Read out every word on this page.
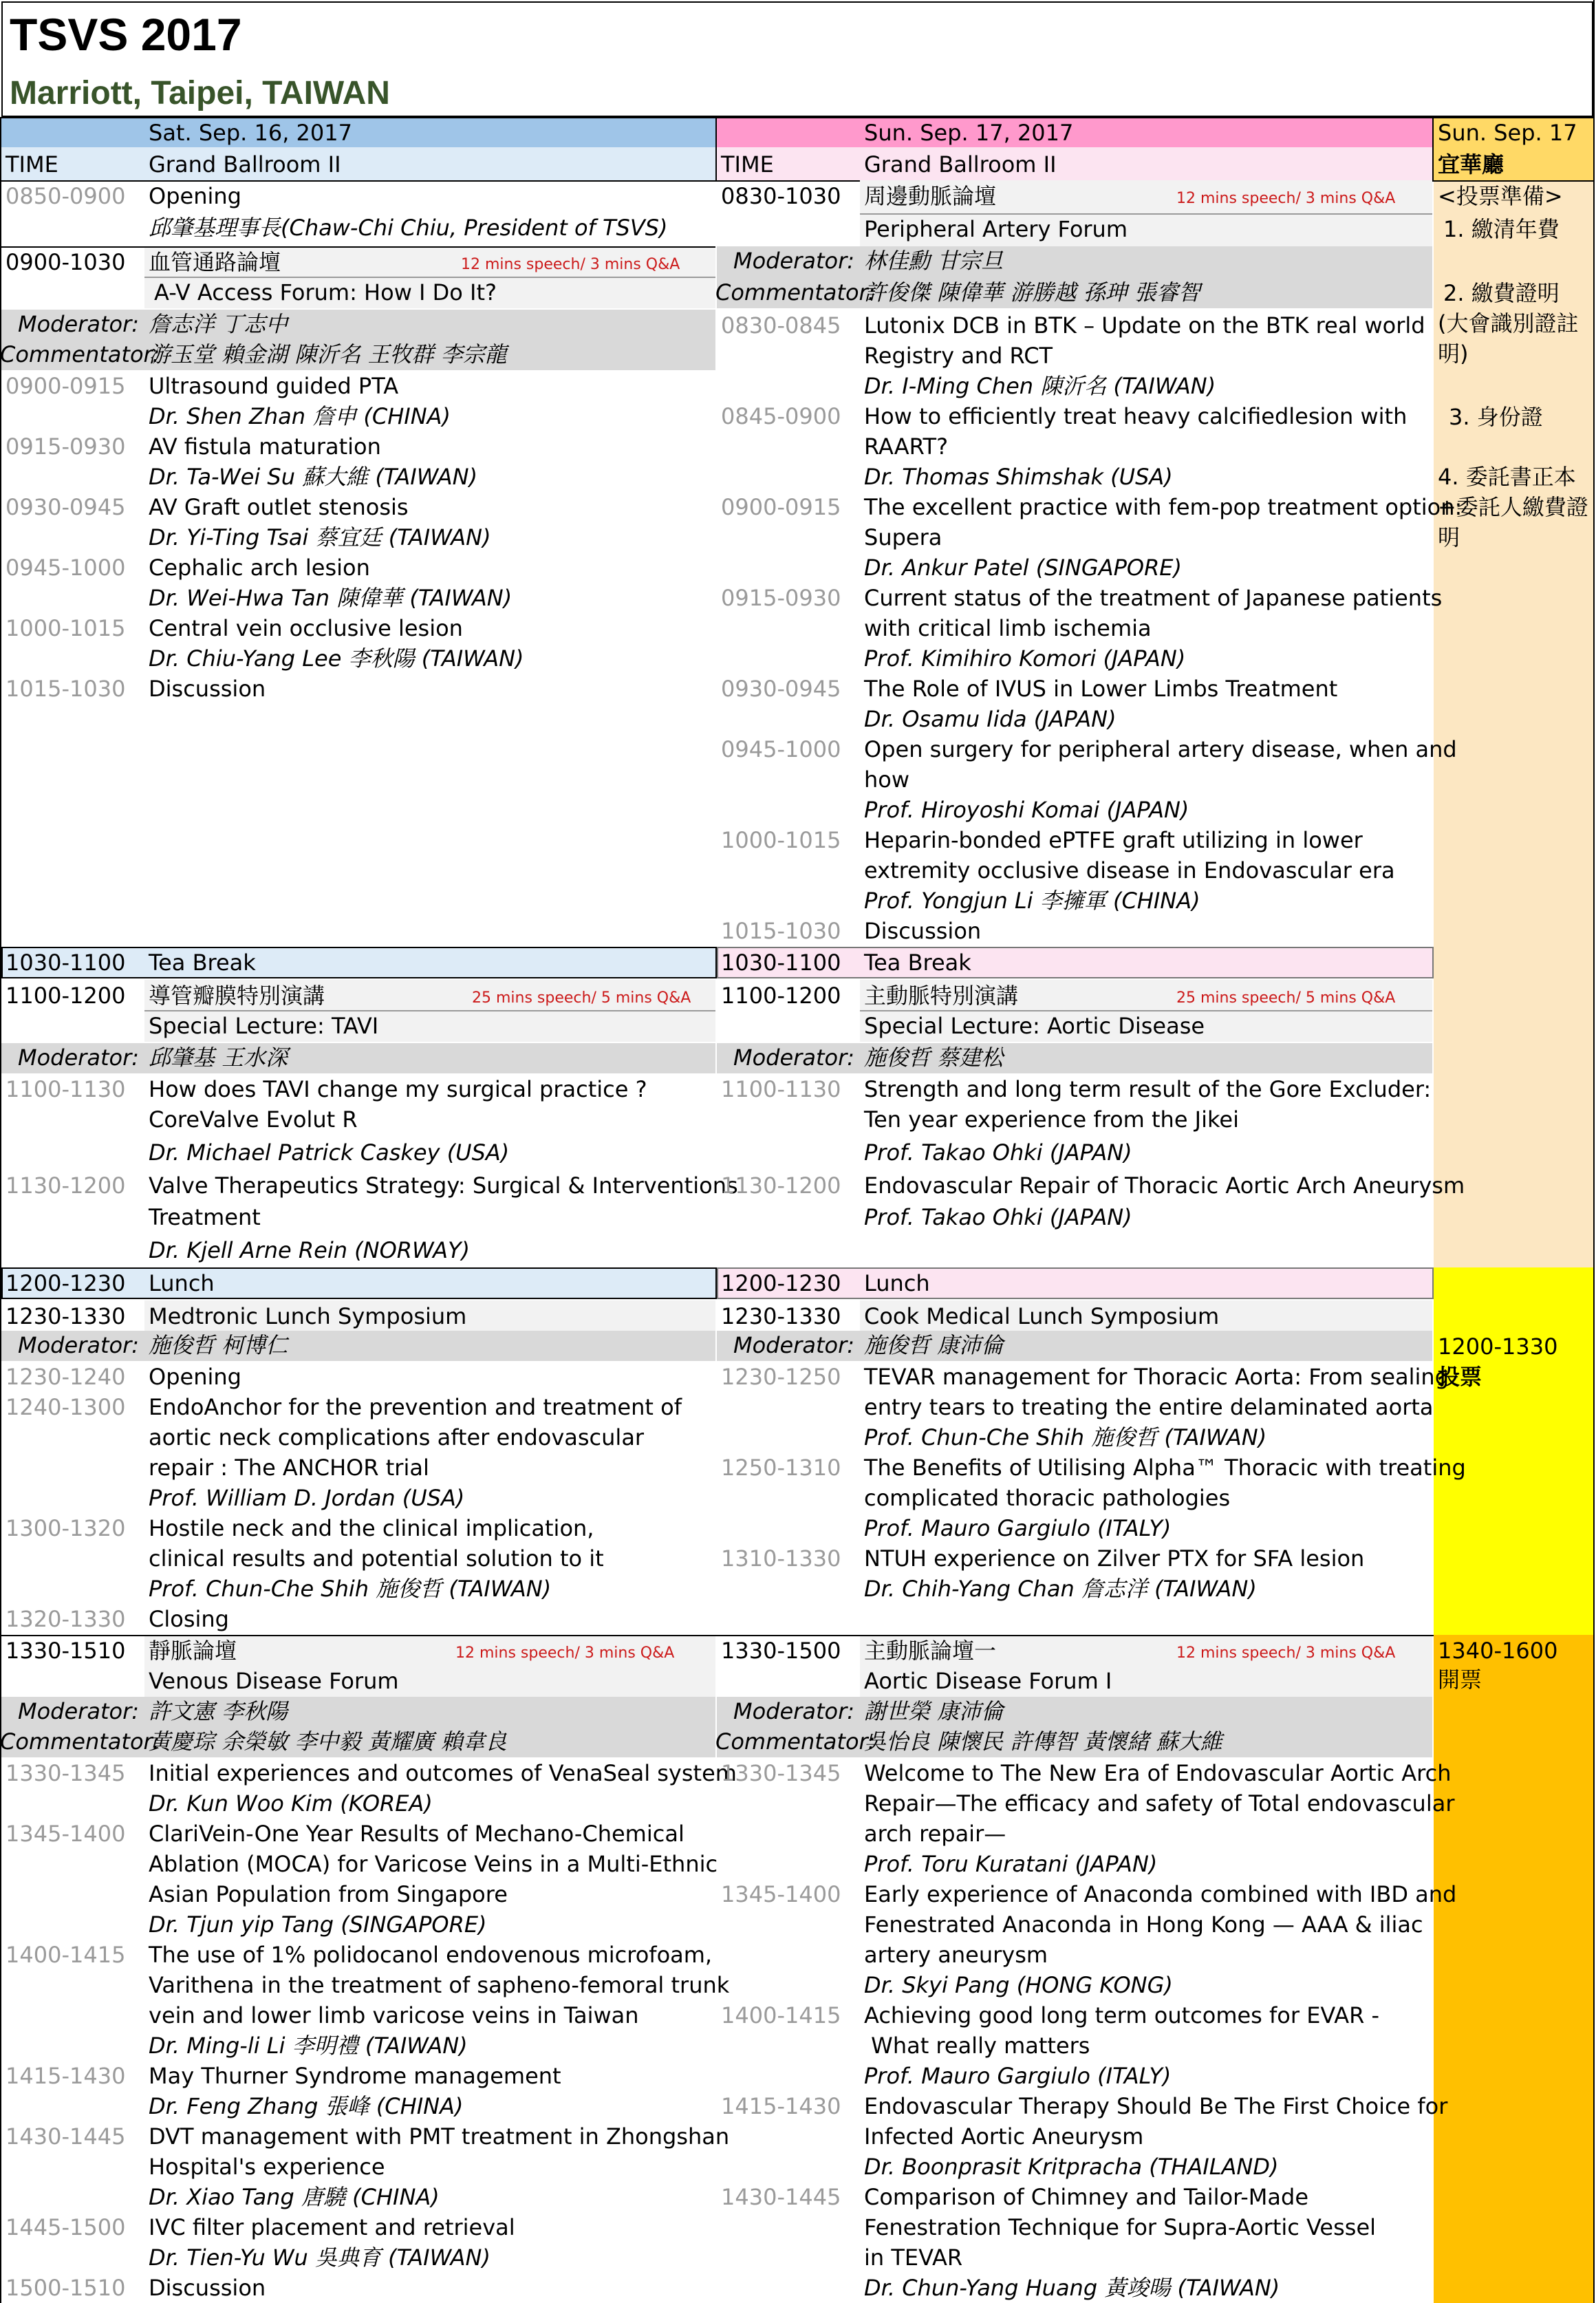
TSVS 2017
Marriott, Taipei, TAIWAN
Sat. Sep. 16, 2017
TIME	Grand Ballroom II
Sun. Sep. 17, 2017
TIME	Grand Ballroom II
Sun. Sep. 17
宜華廳
<投票準備>
1. 繳清年費
2. 繳費證明
(大會識別證註
明)
3. 身份證
4. 委託書正本
+委託人繳費證
明
1200-1330
投票
1340-1600
開票
0850-0900 Opening
邱肇基理事長(Chaw-Chi Chiu, President of TSVS)
0900-1030 血管通路論壇	12 mins speech/ 3 mins Q&A
A-V Access Forum: How I Do It?
Moderator: 詹志洋 丁志中
Commentator:
游玉堂 賴金湖 陳沂名 王牧群 李宗龍
0900-0915 Ultrasound guided PTA
Dr. Shen Zhan 詹申 (CHINA)
0915-0930 AV fistula maturation
Dr. Ta-Wei Su 蘇大維 (TAIWAN)
0930-0945 AV Graft outlet stenosis
Dr. Yi-Ting Tsai 蔡宜廷 (TAIWAN)
0945-1000 Cephalic arch lesion
Dr. Wei-Hwa Tan 陳偉華 (TAIWAN)
1000-1015 Central vein occlusive lesion
Dr. Chiu-Yang Lee 李秋陽 (TAIWAN)
1015-1030 Discussion
1030-1100 Tea Break
1100-1200 導管瓣膜特別演講	25 mins speech/ 5 mins Q&A
Special Lecture: TAVI
Moderator: 邱肇基 王水深
1100-1130 How does TAVI change my surgical practice ?
CoreValve Evolut R
Dr. Michael Patrick Caskey (USA)
1130-1200 Valve Therapeutics Strategy: Surgical & Interventions
Treatment
Dr. Kjell Arne Rein (NORWAY)
1200-1230 Lunch
1230-1330 Medtronic Lunch Symposium
Moderator: 施俊哲 柯博仁
1230-1240 Opening
1240-1300 EndoAnchor for the prevention and treatment of
aortic neck complications after endovascular
repair : The ANCHOR trial
Prof. William D. Jordan (USA)
1300-1320 Hostile neck and the clinical implication,
clinical results and potential solution to it
Prof. Chun-Che Shih 施俊哲 (TAIWAN)
1320-1330 Closing
1330-1510 靜脈論壇	12 mins speech/ 3 mins Q&A
Venous Disease Forum
Moderator: 許文憲 李秋陽
Commentator:
黃慶琮 余榮敏 李中毅 黃耀廣 賴韋良
1330-1345 Initial experiences and outcomes of VenaSeal system
Dr. Kun Woo Kim (KOREA)
1345-1400 ClariVein-One Year Results of Mechano-Chemical
Ablation (MOCA) for Varicose Veins in a Multi-Ethnic
Asian Population from Singapore
Dr. Tjun yip Tang (SINGAPORE)
1400-1415 The use of 1% polidocanol endovenous microfoam,
Varithena in the treatment of sapheno-femoral trunk
vein and lower limb varicose veins in Taiwan
Dr. Ming-li Li 李明禮 (TAIWAN)
1415-1430 May Thurner Syndrome management
Dr. Feng Zhang 張峰 (CHINA)
1430-1445 DVT management with PMT treatment in Zhongshan
Hospital's experience
Dr. Xiao Tang 唐驍 (CHINA)
1445-1500 IVC filter placement and retrieval
Dr. Tien-Yu Wu 吳典育 (TAIWAN)
1500-1510 Discussion
0830-1030 周邊動脈論壇	12 mins speech/ 3 mins Q&A
Peripheral Artery Forum
Moderator: 林佳勳 甘宗旦
Commentator:
許俊傑 陳偉華 游勝越 孫珅 張睿智
0830-0845 Lutonix DCB in BTK – Update on the BTK real world
Registry and RCT
Dr. I-Ming Chen 陳沂名 (TAIWAN)
0845-0900 How to efficiently treat heavy calcifiedlesion with
RAART?
Dr. Thomas Shimshak (USA)
0900-0915 The excellent practice with fem-pop treatment option:
Supera
Dr. Ankur Patel (SINGAPORE)
0915-0930 Current status of the treatment of Japanese patients
with critical limb ischemia
Prof. Kimihiro Komori (JAPAN)
0930-0945 The Role of IVUS in Lower Limbs Treatment
Dr. Osamu Iida (JAPAN)
0945-1000 Open surgery for peripheral artery disease, when and
how
Prof. Hiroyoshi Komai (JAPAN)
1000-1015 Heparin-bonded ePTFE graft utilizing in lower
extremity occlusive disease in Endovascular era
Prof. Yongjun Li 李擁軍 (CHINA)
1015-1030 Discussion
1030-1100 Tea Break
1100-1200 主動脈特別演講	25 mins speech/ 5 mins Q&A
Special Lecture: Aortic Disease
Moderator: 施俊哲 蔡建松
1100-1130 Strength and long term result of the Gore Excluder:
Ten year experience from the Jikei
Prof. Takao Ohki (JAPAN)
1130-1200 Endovascular Repair of Thoracic Aortic Arch Aneurysm
Prof. Takao Ohki (JAPAN)
1200-1230 Lunch
1230-1330 Cook Medical Lunch Symposium
Moderator: 施俊哲 康沛倫
1230-1250 TEVAR management for Thoracic Aorta: From sealing
entry tears to treating the entire delaminated aorta
Prof. Chun-Che Shih 施俊哲 (TAIWAN)
1250-1310 The Benefits of Utilising Alpha™ Thoracic with treating
complicated thoracic pathologies
Prof. Mauro Gargiulo (ITALY)
1310-1330 NTUH experience on Zilver PTX for SFA lesion
Dr. Chih-Yang Chan 詹志洋 (TAIWAN)
1330-1500 主動脈論壇一	12 mins speech/ 3 mins Q&A
Aortic Disease Forum I
Moderator: 謝世榮 康沛倫
Commentator:
吳怡良 陳懷民 許傳智 黃懷緒 蘇大維
1330-1345 Welcome to The New Era of Endovascular Aortic Arch
Repair—The efficacy and safety of Total endovascular
arch repair—
Prof. Toru Kuratani (JAPAN)
1345-1400 Early experience of Anaconda combined with IBD and
Fenestrated Anaconda in Hong Kong — AAA & iliac
artery aneurysm
Dr. Skyi Pang (HONG KONG)
1400-1415 Achieving good long term outcomes for EVAR -
What really matters
Prof. Mauro Gargiulo (ITALY)
1415-1430 Endovascular Therapy Should Be The First Choice for
Infected Aortic Aneurysm
Dr. Boonprasit Kritpracha (THAILAND)
1430-1445 Comparison of Chimney and Tailor-Made
Fenestration Technique for Supra-Aortic Vessel
in TEVAR
Dr. Chun-Yang Huang 黃竣暘 (TAIWAN)
